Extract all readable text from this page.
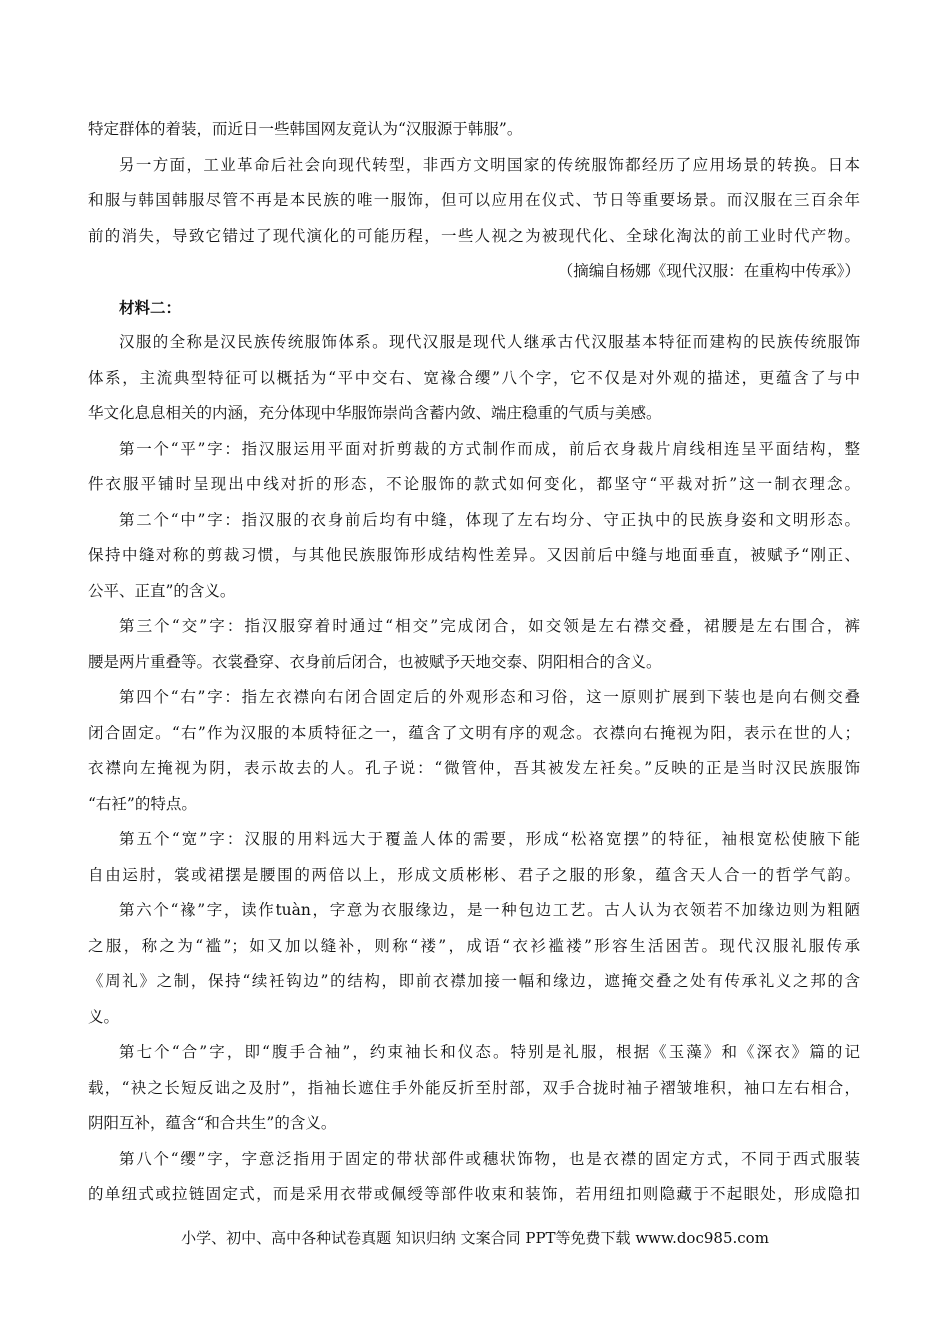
特定群体的着装，而近日一些韩国网友竟认为“汉服源于韩服”。
另一方面，工业革命后社会向现代转型，非西方文明国家的传统服饰都经历了应用场景的转换。日本
和服与韩国韩服尽管不再是本民族的唯一服饰，但可以应用在仪式、节日等重要场景。而汉服在三百余年
前的消失，导致它错过了现代演化的可能历程，一些人视之为被现代化、全球化淘汰的前工业时代产物。
（摘编自杨娜《现代汉服：在重构中传承》）
材料二：
汉服的全称是汉民族传统服饰体系。现代汉服是现代人继承古代汉服基本特征而建构的民族传统服饰
体系，主流典型特征可以概括为“平中交右、宽褖合缨”八个字，它不仅是对外观的描述，更蕴含了与中
华文化息息相关的内涵，充分体现中华服饰崇尚含蓄内敛、端庄稳重的气质与美感。
第一个“平”字：指汉服运用平面对折剪裁的方式制作而成，前后衣身裁片肩线相连呈平面结构，整
件衣服平铺时呈现出中线对折的形态，不论服饰的款式如何变化，都坚守“平裁对折”这一制衣理念。
第二个“中”字：指汉服的衣身前后均有中缝，体现了左右均分、守正执中的民族身姿和文明形态。
保持中缝对称的剪裁习惯，与其他民族服饰形成结构性差异。又因前后中缝与地面垂直，被赋予“刚正、
公平、正直”的含义。
第三个“交”字：指汉服穿着时通过“相交”完成闭合，如交领是左右襟交叠，裙腰是左右围合，裤
腰是两片重叠等。衣裳叠穿、衣身前后闭合，也被赋予天地交泰、阴阳相合的含义。
第四个“右”字：指左衣襟向右闭合固定后的外观形态和习俗，这一原则扩展到下装也是向右侧交叠
闭合固定。“右”作为汉服的本质特征之一，蕴含了文明有序的观念。衣襟向右掩视为阳，表示在世的人；
衣襟向左掩视为阴，表示故去的人。孔子说：“微管仲，吾其被发左衽矣。”反映的正是当时汉民族服饰
“右衽”的特点。
第五个“宽”字：汉服的用料远大于覆盖人体的需要，形成“松袼宽摆”的特征，袖根宽松使腋下能
自由运肘，裳或裙摆是腰围的两倍以上，形成文质彬彬、君子之服的形象，蕴含天人合一的哲学气韵。
第六个“褖”字，读作tuàn，字意为衣服缘边，是一种包边工艺。古人认为衣领若不加缘边则为粗陋
之服，称之为“褴”；如又加以缝补，则称“褛”，成语“衣衫褴褛”形容生活困苦。现代汉服礼服传承
《周礼》之制，保持“续衽钩边”的结构，即前衣襟加接一幅和缘边，遮掩交叠之处有传承礼义之邦的含
义。
第七个“合”字，即“腹手合袖”，约束袖长和仪态。特别是礼服，根据《玉藻》和《深衣》篇的记
载，“袂之长短反诎之及肘”，指袖长遮住手外能反折至肘部，双手合拢时袖子褶皱堆积，袖口左右相合，
阴阳互补，蕴含“和合共生”的含义。
第八个“缨”字，字意泛指用于固定的带状部件或穗状饰物，也是衣襟的固定方式，不同于西式服装
的单纽式或拉链固定式，而是采用衣带或佩绶等部件收束和装饰，若用纽扣则隐藏于不起眼处，形成隐扣
小学、初中、高中各种试卷真题 知识归纳 文案合同 PPT等免费下载 www.doc985.com
